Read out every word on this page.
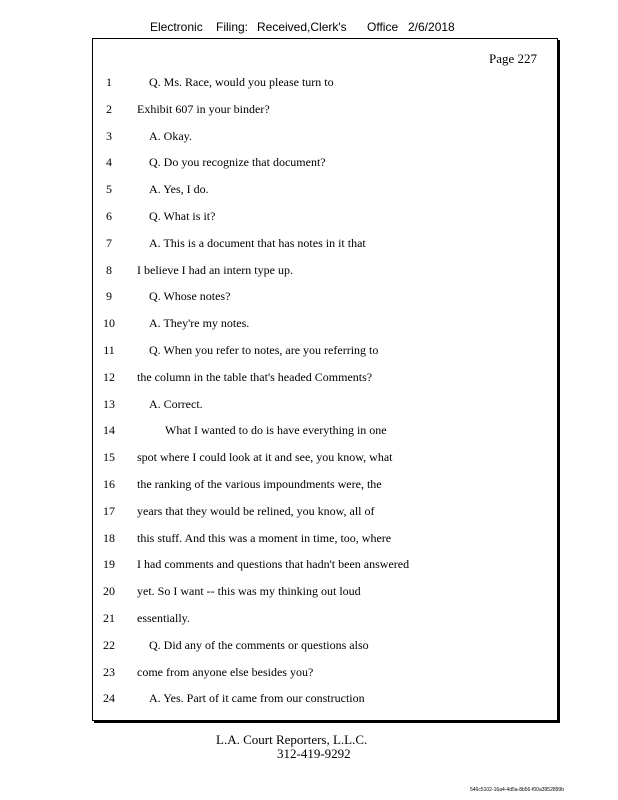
Electronic Filing: Received,Clerk's Office 2/6/2018
Page 227
1	Q. Ms. Race, would you please turn to
2	Exhibit 607 in your binder?
3	A. Okay.
4	Q. Do you recognize that document?
5	A. Yes, I do.
6	Q. What is it?
7	A. This is a document that has notes in it that
8	I believe I had an intern type up.
9	Q. Whose notes?
10	A. They're my notes.
11	Q. When you refer to notes, are you referring to
12	the column in the table that's headed Comments?
13	A. Correct.
14	What I wanted to do is have everything in one
15	spot where I could look at it and see, you know, what
16	the ranking of the various impoundments were, the
17	years that they would be relined, you know, all of
18	this stuff. And this was a moment in time, too, where
19	I had comments and questions that hadn't been answered
20	yet. So I want -- this was my thinking out loud
21	essentially.
22	Q. Did any of the comments or questions also
23	come from anyone else besides you?
24	A. Yes. Part of it came from our construction
L.A. Court Reporters, L.L.C.
312-419-9292
546c5102-16a4-4d5a-8b56-f00a3952899b
